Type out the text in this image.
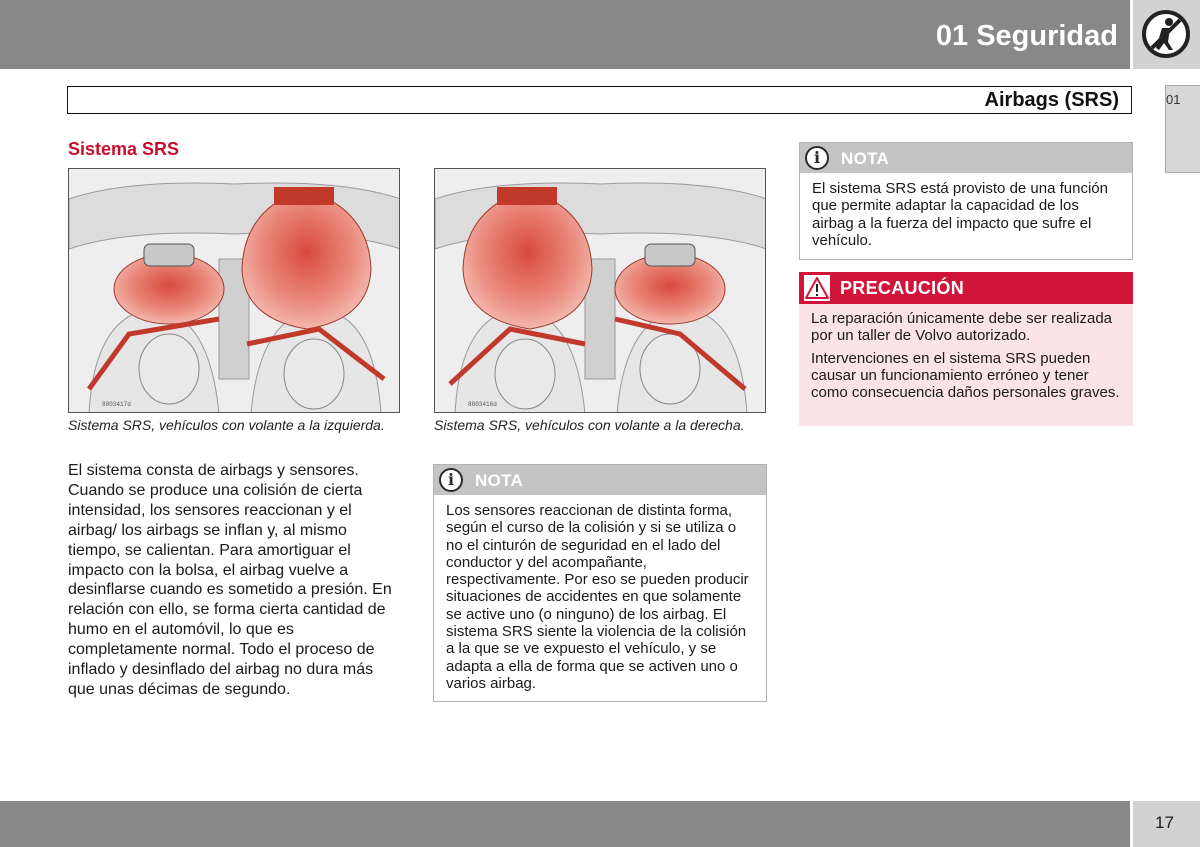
01 Seguridad
Airbags (SRS)	01
Sistema SRS
8803417d	8803416d
Sistema SRS, vehículos con volante a la izquierda.	Sistema SRS, vehículos con volante a la derecha.
El sistema consta de airbags y sensores. Cuando se produce una colisión de cierta intensidad, los sensores reaccionan y el airbag/ los airbags se inflan y, al mismo tiempo, se calientan. Para amortiguar el impacto con la bolsa, el airbag vuelve a desinflarse cuando es sometido a presión. En relación con ello, se forma cierta cantidad de humo en el automóvil, lo que es completamente normal. Todo el proceso de inflado y desinflado del airbag no dura más que unas décimas de segundo.
i	NOTA
Los sensores reaccionan de distinta forma, según el curso de la colisión y si se utiliza o no el cinturón de seguridad en el lado del conductor y del acompañante, respectivamente. Por eso se pueden producir situaciones de accidentes en que solamente se active uno (o ninguno) de los airbag. El sistema SRS siente la violencia de la colisión a la que se ve expuesto el vehículo, y se adapta a ella de forma que se activen uno o varios airbag.
i	NOTA
El sistema SRS está provisto de una función que permite adaptar la capacidad de los airbag a la fuerza del impacto que sufre el vehículo.
PRECAUCIÓN

La reparación únicamente debe ser realizada por un taller de Volvo autorizado.

Intervenciones en el sistema SRS pueden causar un funcionamiento erróneo y tener como consecuencia daños personales graves.

17
